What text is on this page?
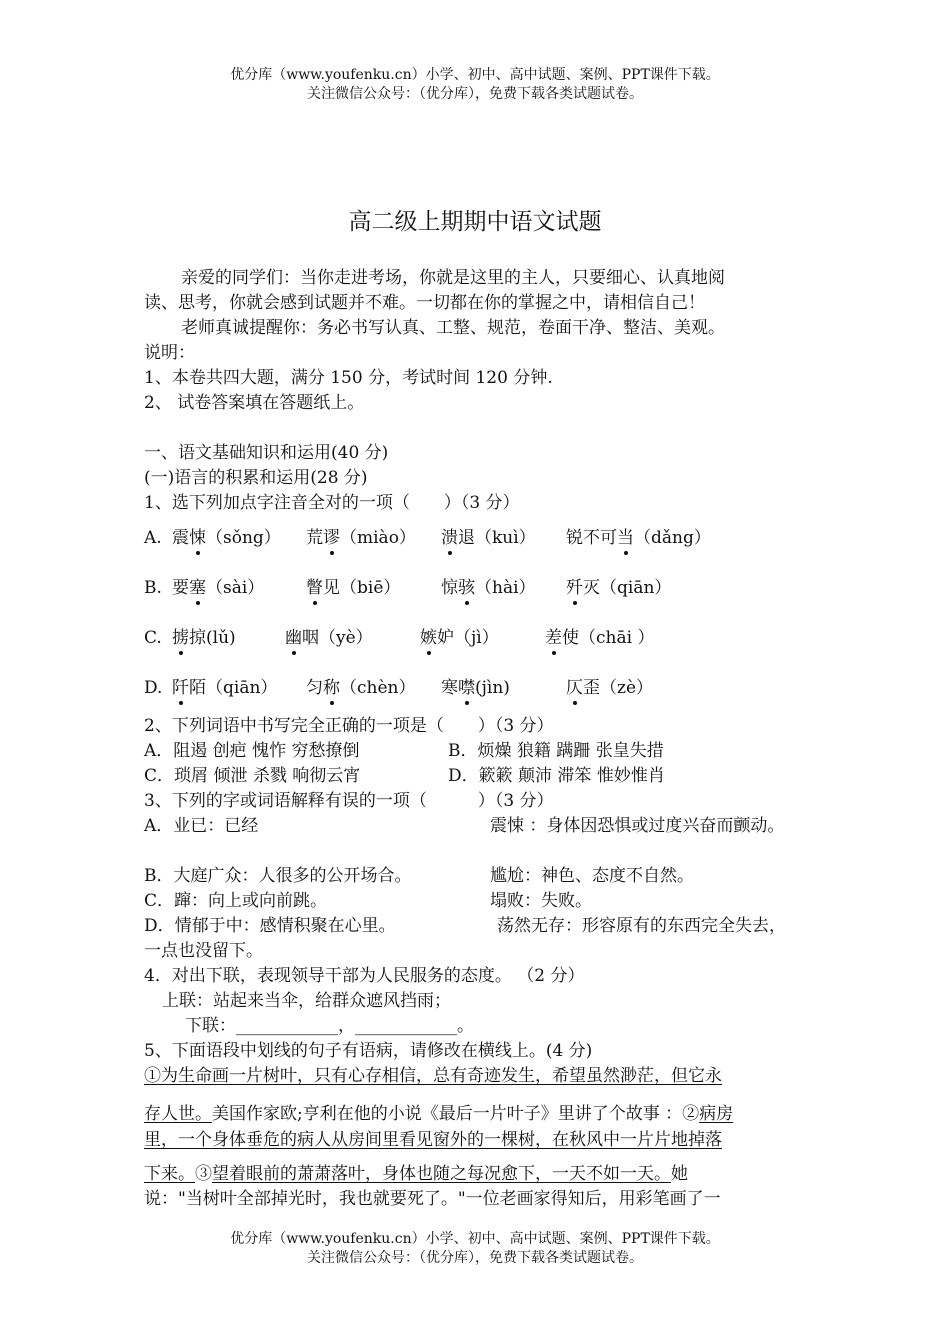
优分库（www.youfenku.cn）小学、初中、高中试题、案例、PPT课件下载。
关注微信公众号：（优分库），免费下载各类试题试卷。
高二级上期期中语文试题
亲爱的同学们：当你走进考场，你就是这里的主人，只要细心、认真地阅
读、思考，你就会感到试题并不难。一切都在你的掌握之中，请相信自己！
老师真诚提醒你：务必书写认真、工整、规范，卷面干净、整洁、美观。
说明：
1、本卷共四大题，满分 150 分，考试时间 120 分钟.
2、 试卷答案填在答题纸上。
一、语文基础知识和运用(40 分)
(一)语言的积累和运用(28 分)
1、选下列加点字注音全对的一项（　　）（3 分）
A. 震悚（sǒng） 荒谬（miào） 溃退（kuì） 锐不可当（dǎng）
B. 要塞（sài） 瞥见（biē） 惊骇（hài） 歼灭（qiān）
C. 掳掠(lǔ)	幽咽（yè）	嫉妒（jì）	差使（chāi ）
D. 阡陌（qiān） 匀称（chèn） 寒噤(jìn)	仄歪（zè）
2、下列词语中书写完全正确的一项是（　　）（3 分）
A．阻遏 创疤 愧怍 穷愁撩倒	B．烦燥 狼籍 蹒跚 张皇失措
C．琐屑 倾泄 杀戮 响彻云宵	D．簌簌 颠沛 滞笨 惟妙惟肖
3、下列的字或词语解释有误的一项（　　　）（3 分）
A．业已：已经	震悚 ：身体因恐惧或过度兴奋而颤动。
B．大庭广众：人很多的公开场合。	尴尬：神色、态度不自然。
C．蹿：向上或向前跳。	塌败：失败。
D．情郁于中：感情积聚在心里。	荡然无存：形容原有的东西完全失去，
一点也没留下。
4．对出下联，表现领导干部为人民服务的态度。 （2 分）
上联：站起来当伞，给群众遮风挡雨；
下联：____________，____________。
5、下面语段中划线的句子有语病，请修改在横线上。(4 分)
①为生命画一片树叶，只有心存相信，总有奇迹发生，希望虽然渺茫，但它永
存人世。美国作家欧;亨利在他的小说《最后一片叶子》里讲了个故事 ：②病房
里，一个身体垂危的病人从房间里看见窗外的一棵树，在秋风中一片片地掉落
下来。③望着眼前的萧萧落叶，身体也随之每况愈下，一天不如一天。她
说："当树叶全部掉光时，我也就要死了。"一位老画家得知后，用彩笔画了一
优分库（www.youfenku.cn）小学、初中、高中试题、案例、PPT课件下载。
关注微信公众号：（优分库），免费下载各类试题试卷。
